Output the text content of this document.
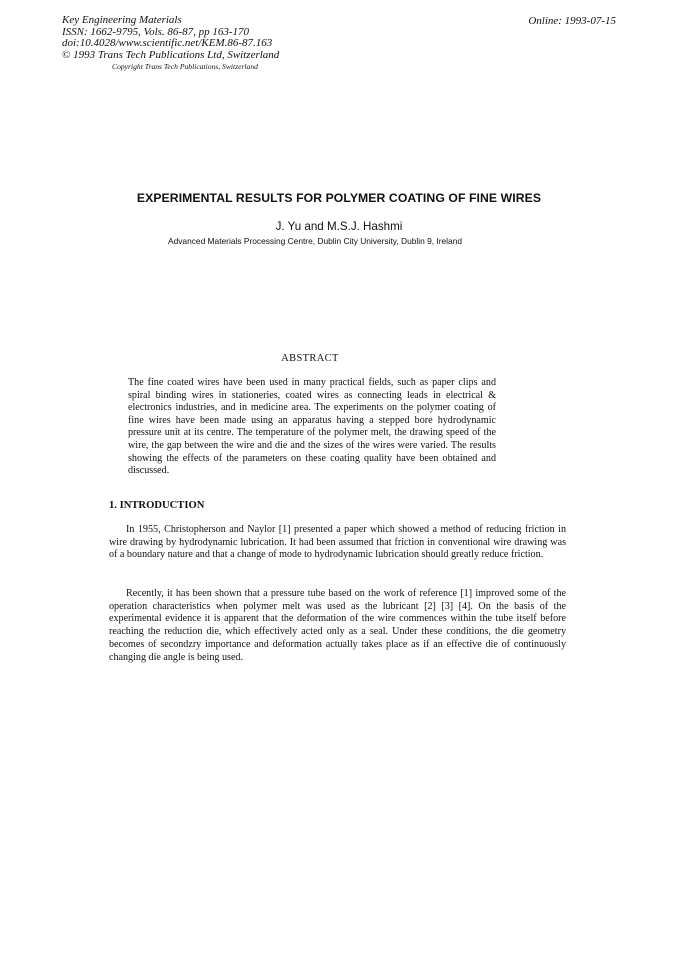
Key Engineering Materials
ISSN: 1662-9795, Vols. 86-87, pp 163-170
doi:10.4028/www.scientific.net/KEM.86-87.163
© 1993 Trans Tech Publications Ltd, Switzerland
Copyright Trans Tech Publications, Switzerland
Online: 1993-07-15
EXPERIMENTAL RESULTS FOR POLYMER COATING OF FINE WIRES
J. Yu and M.S.J. Hashmi
Advanced Materials Processing Centre, Dublin City University, Dublin 9, Ireland
ABSTRACT
The fine coated wires have been used in many practical fields, such as paper clips and spiral binding wires in stationeries, coated wires as connecting leads in electrical & electronics industries, and in medicine area. The experiments on the polymer coating of fine wires have been made using an apparatus having a stepped bore hydrodynamic pressure unit at its centre. The temperature of the polymer melt, the drawing speed of the wire, the gap between the wire and die and the sizes of the wires were varied. The results showing the effects of the parameters on these coating quality have been obtained and discussed.
1. INTRODUCTION

In 1955, Christopherson and Naylor [1] presented a paper which showed a method of reducing friction in wire drawing by hydrodynamic lubrication. It had been assumed that friction in conventional wire drawing was of a boundary nature and that a change of mode to hydrodynamic lubrication should greatly reduce friction.

Recently, it has been shown that a pressure tube based on the work of reference [1] improved some of the operation characteristics when polymer melt was used as the lubricant [2] [3] [4]. On the basis of the experimental evidence it is apparent that the deformation of the wire commences within the tube itself before reaching the reduction die, which effectively acted only as a seal. Under these conditions, the die geometry becomes of secondzry importance and deformation actually takes place as if an effective die of continuously changing die angle is being used.
